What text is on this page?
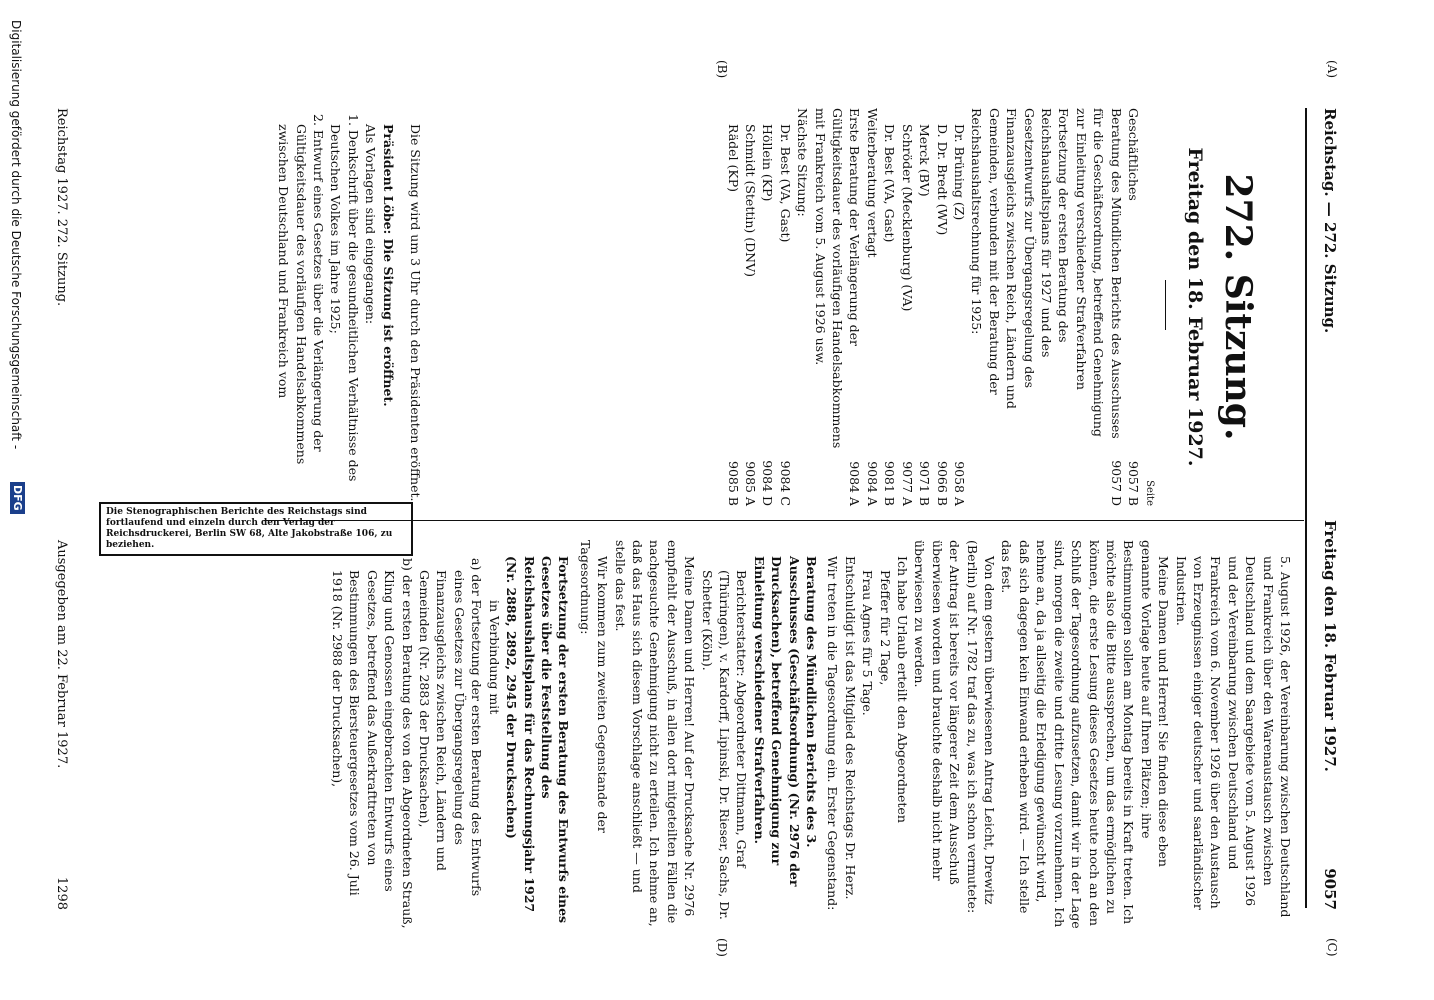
(A)
(B)
(C)
(D)
Reichstag. — 272. Sitzung.
Freitag den 18. Februar 1927.
9057
272. Sitzung.
Freitag den 18. Februar 1927.
Seite
Geschäftliches
9057 B
Beratung des Mündlichen Berichts des Ausschusses für die Geschäftsordnung, betreffend Genehmigung zur Einleitung verschiedener Strafverfahren
9057 D
Fortsetzung der ersten Beratung des Reichshaushaltsplans für 1927 und des Gesetzentwurfs zur Übergangsregelung des Finanzausgleichs zwischen Reich, Ländern und Gemeinden, verbunden mit der Beratung der Reichshaushaltsrechnung für 1925:
Dr. Brüning (Z)
9058 A
D. Dr. Bredt (WV)
9066 B
Merck (BV)
9071 B
Schröder (Mecklenburg) (VA)
9077 A
Dr. Best (VA, Gast)
9081 B
Weiterberatung vertagt
9084 A
Erste Beratung der Verlängerung der Gültigkeitsdauer des vorläufigen Handelsabkommens mit Frankreich vom 5. August 1926 usw.
9084 A
Nächste Sitzung:
Dr. Best (VA, Gast)
9084 C
Höllein (KP)
9084 D
Schmidt (Stettin) (DNV)
9085 A
Rädel (KP)
9085 B

Die Sitzung wird um 3 Uhr durch den Präsidenten eröffnet.

Präsident Löbe: Die Sitzung ist eröffnet.

Als Vorlagen sind eingegangen:

1. Denkschrift über die gesundheitlichen Verhältnisse des Deutschen Volkes im Jahre 1925;

2. Entwurf eines Gesetzes über die Verlängerung der Gültigkeitsdauer des vorläufigen Handelsabkommens zwischen Deutschland und Frankreich vom

5. August 1926, der Vereinbarung zwischen Deutschland und Frankreich über den Warenaustausch zwischen Deutschland und dem Saargebiete vom 5. August 1926 und der Vereinbarung zwischen Deutschland und Frankreich vom 6. November 1926 über den Austausch von Erzeugnissen einiger deutscher und saarländischer Industrien.

Meine Damen und Herren! Sie finden diese eben genannte Vorlage heute auf Ihren Plätzen; ihre Bestimmungen sollen am Montag bereits in Kraft treten. Ich möchte also die Bitte aussprechen, um das ermöglichen zu können, die erste Lesung dieses Gesetzes heute noch an den Schluß der Tagesordnung aufzusetzen, damit wir in der Lage sind, morgen die zweite und dritte Lesung vorzunehmen. Ich nehme an, da ja allseitig die Erledigung gewünscht wird, daß sich dagegen kein Einwand erheben wird. — Ich stelle das fest.

Von dem gestern überwiesenen Antrag Leicht, Drewitz (Berlin) auf Nr. 1782 traf das zu, was ich schon vermutete: der Antrag ist bereits vor längerer Zeit dem Ausschuß überwiesen worden und brauchte deshalb nicht mehr überwiesen zu werden.

Ich habe Urlaub erteilt den Abgeordneten

Pfeffer für 2 Tage,

Frau Agnes für 5 Tage.

Entschuldigt ist das Mitglied des Reichstags Dr. Herz.

Wir treten in die Tagesordnung ein. Erster Gegenstand:

Beratung des Mündlichen Berichts des 3. Ausschusses (Geschäftsordnung) (Nr. 2976 der Drucksachen), betreffend Genehmigung zur Einleitung verschiedener Strafverfahren.

Berichterstatter: Abgeordneter Dittmann, Graf (Thüringen), v. Kardorff, Lipinski, Dr. Rieser, Sachs, Dr. Schetter (Köln).

Meine Damen und Herren! Auf der Drucksache Nr. 2976 empfiehlt der Ausschuß, in allen dort mitgeteilten Fällen die nachgesuchte Genehmigung nicht zu erteilen. Ich nehme an, daß das Haus sich diesem Vorschlage anschließt — und stelle das fest.

Wir kommen zum zweiten Gegenstande der Tagesordnung:

Fortsetzung der ersten Beratung des Entwurfs eines Gesetzes über die Feststellung des Reichshaushaltsplans für das Rechnungsjahr 1927 (Nr. 2888, 2892, 2945 der Drucksachen)

in Verbindung mit

a) der Fortsetzung der ersten Beratung des Entwurfs eines Gesetzes zur Übergangsregelung des Finanzausgleichs zwischen Reich, Ländern und Gemeinden (Nr. 2883 der Drucksachen),

b) der ersten Beratung des von den Abgeordneten Strauß, Kling und Genossen eingebrachten Entwurfs eines Gesetzes, betreffend das Außerkrafttreten von Bestimmungen des Biersteuergesetzes vom 26. Juli 1918 (Nr. 2988 der Drucksachen),

Die Stenographischen Berichte des Reichstags sind fortlaufend und einzeln durch den Verlag der Reichsdruckerei, Berlin SW 68, Alte Jakobstraße 106, zu beziehen.
Reichstag 1927. 272. Sitzung.
Ausgegeben am 22. Februar 1927.
1298
Digitalisierung gefördert durch die Deutsche Forschungsgemeinschaft -
DFG
